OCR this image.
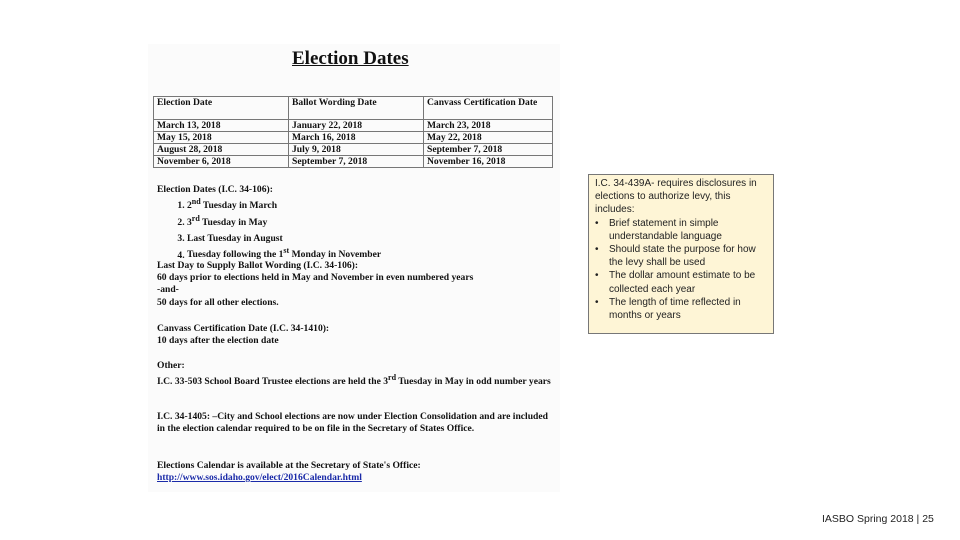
Election Dates
Election Date	Ballot Wording Date	Canvass Certification Date
March 13, 2018	January 22, 2018	March 23, 2018
May 15, 2018	March 16, 2018	May 22, 2018
August 28, 2018	July 9, 2018	September 7, 2018
November 6, 2018	September 7, 2018	November 16, 2018
Election Dates (I.C. 34-106):
1. 2nd Tuesday in March
2. 3rd Tuesday in May
3. Last Tuesday in August
4. Tuesday following the 1st Monday in November
Last Day to Supply Ballot Wording (I.C. 34-106):
60 days prior to elections held in May and November in even numbered years
-and-
50 days for all other elections.
Canvass Certification Date (I.C. 34-1410):
10 days after the election date
Other:
I.C. 33-503 School Board Trustee elections are held the 3rd Tuesday in May in odd number years
I.C. 34-1405: –City and School elections are now under Election Consolidation and are included in the election calendar required to be on file in the Secretary of States Office.
Elections Calendar is available at the Secretary of State's Office:
http://www.sos.idaho.gov/elect/2016Calendar.html
I.C. 34-439A- requires disclosures in elections to authorize levy, this includes:
• Brief statement in simple understandable language
• Should state the purpose for how the levy shall be used
• The dollar amount estimate to be collected each year
• The length of time reflected in months or years
IASBO Spring 2018 | 25
